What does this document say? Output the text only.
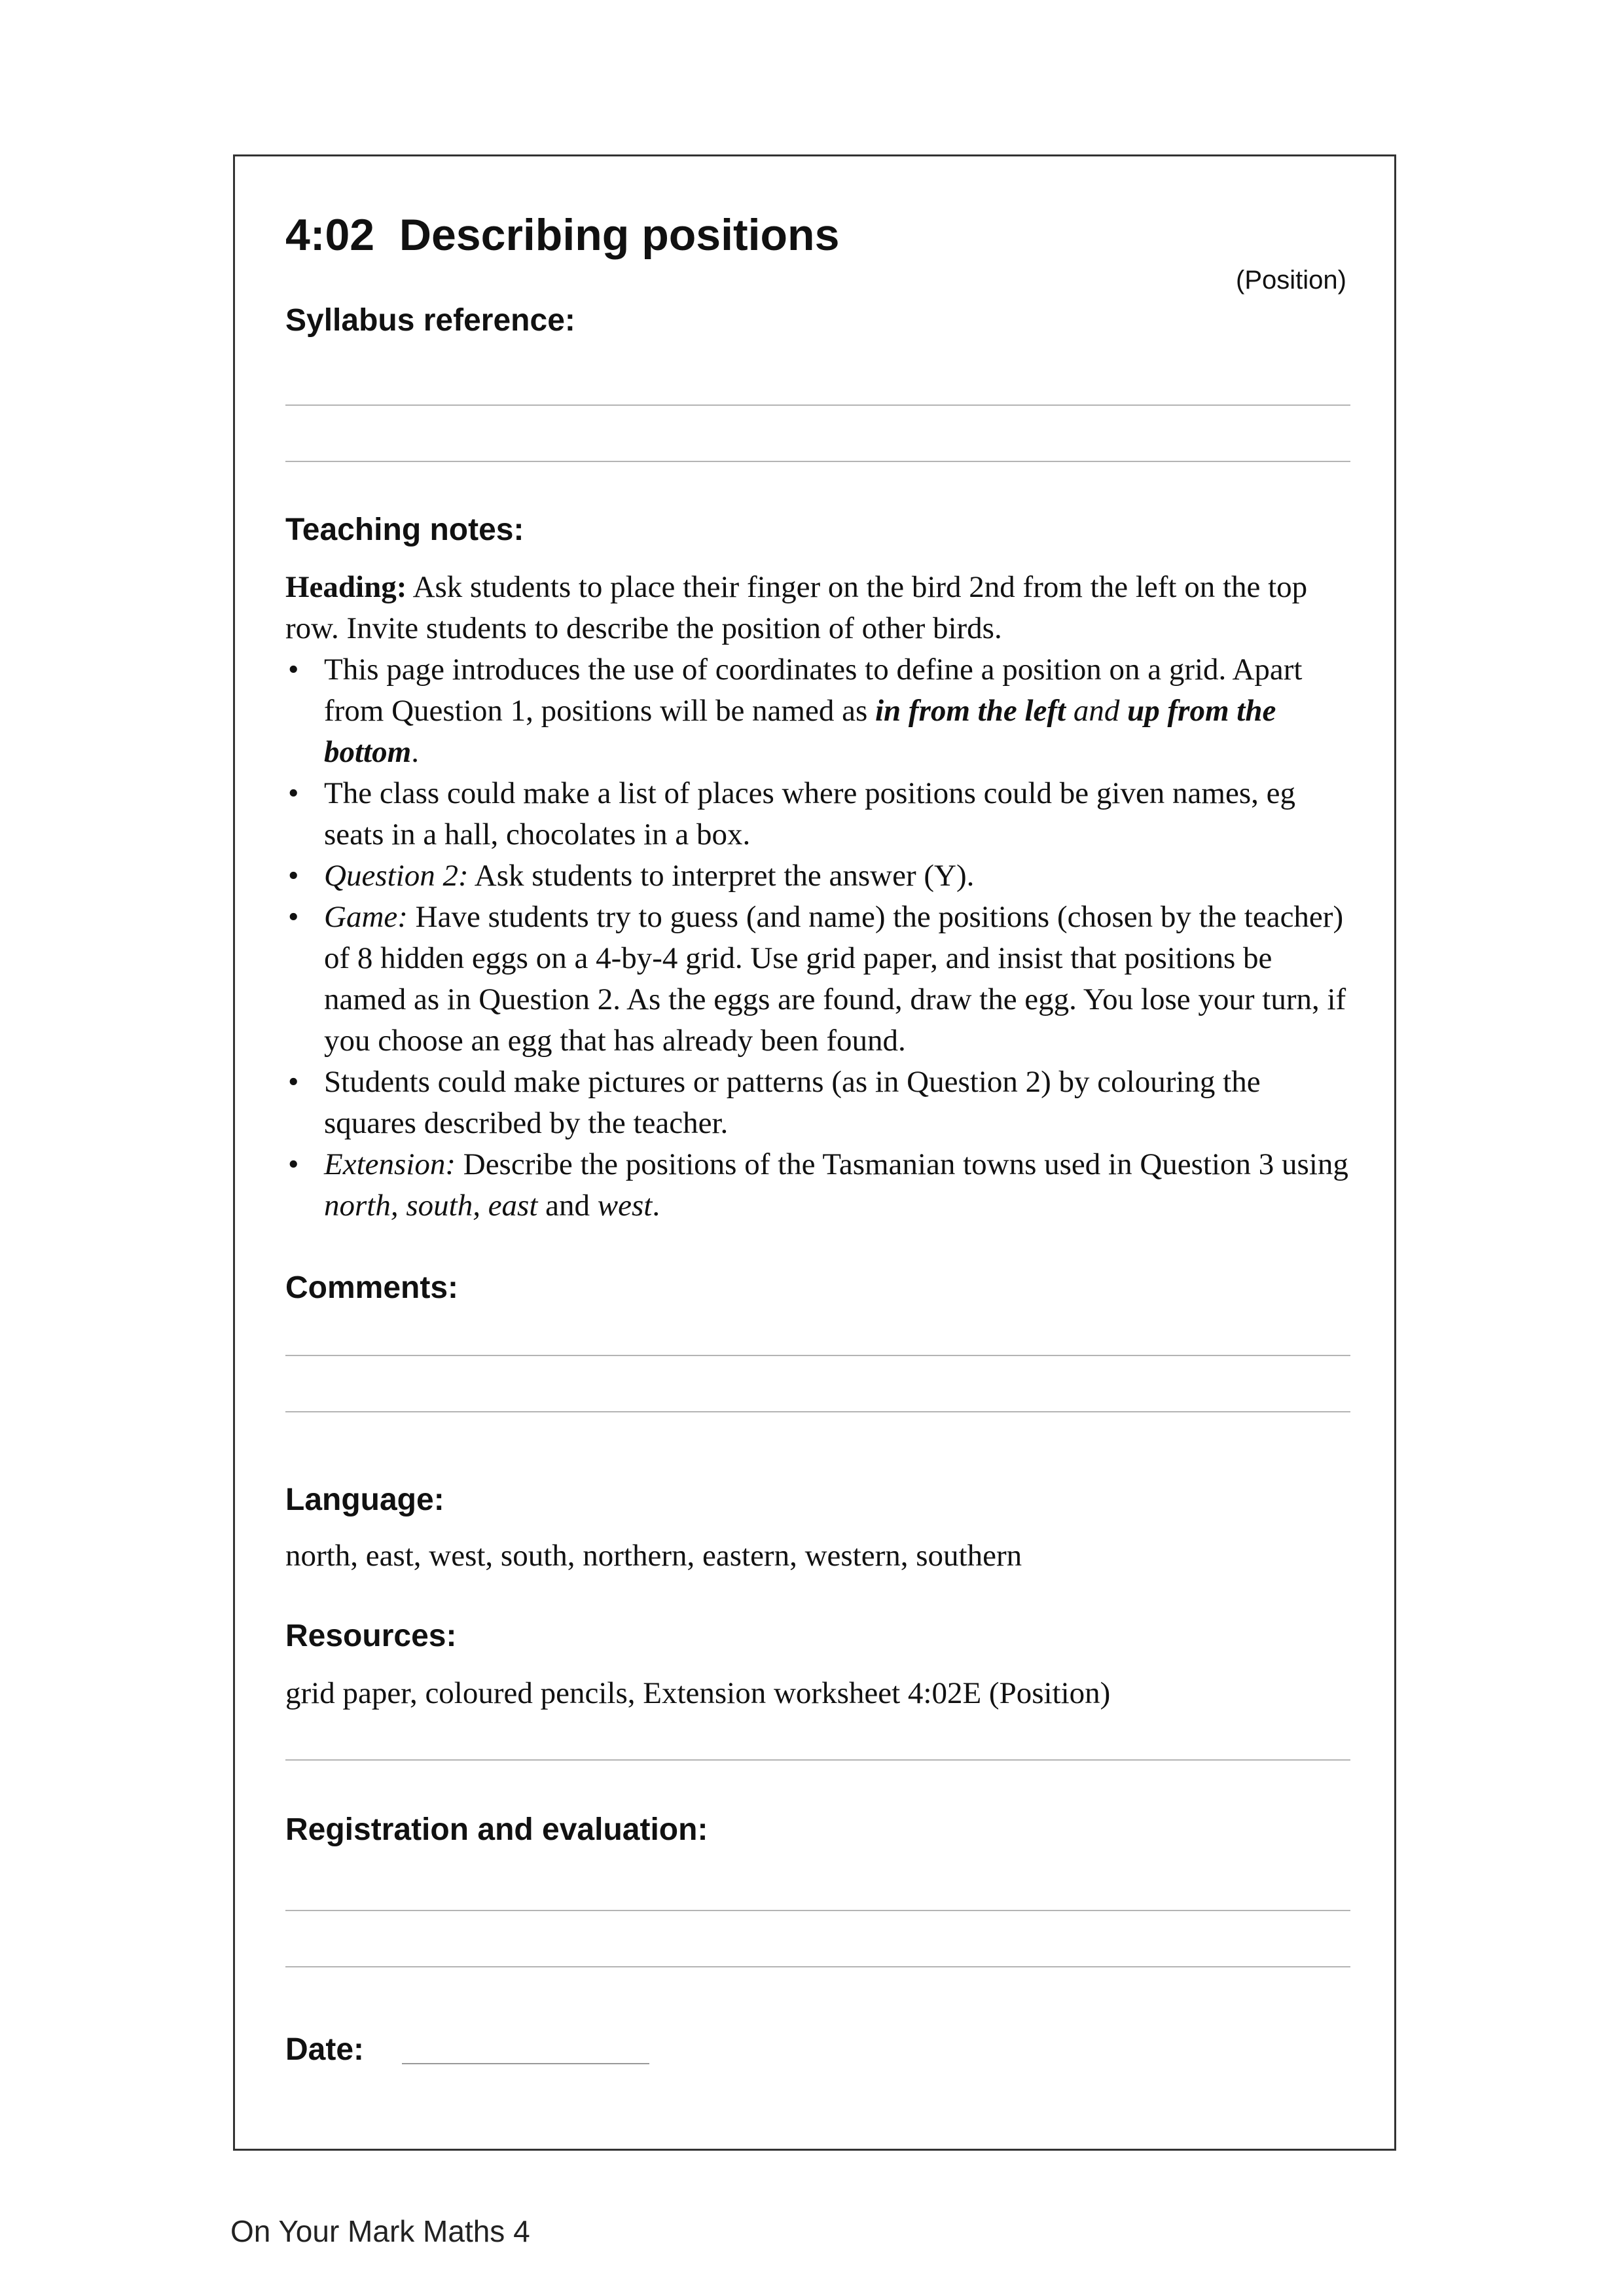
4:02  Describing positions
(Position)
Syllabus reference:
Teaching notes:

Heading: Ask students to place their finger on the bird 2nd from the left on the top row. Invite students to describe the position of other birds.

• This page introduces the use of coordinates to define a position on a grid. Apart from Question 1, positions will be named as in from the left and up from the bottom.
• The class could make a list of places where positions could be given names, eg seats in a hall, chocolates in a box.
• Question 2: Ask students to interpret the answer (Y).
• Game: Have students try to guess (and name) the positions (chosen by the teacher) of 8 hidden eggs on a 4-by-4 grid. Use grid paper, and insist that positions be named as in Question 2. As the eggs are found, draw the egg. You lose your turn, if you choose an egg that has already been found.
• Students could make pictures or patterns (as in Question 2) by colouring the squares described by the teacher.
• Extension: Describe the positions of the Tasmanian towns used in Question 3 using north, south, east and west.
Comments:
Language:
north, east, west, south, northern, eastern, western, southern
Resources:
grid paper, coloured pencils, Extension worksheet 4:02E (Position)
Registration and evaluation:
Date:
On Your Mark Maths 4
